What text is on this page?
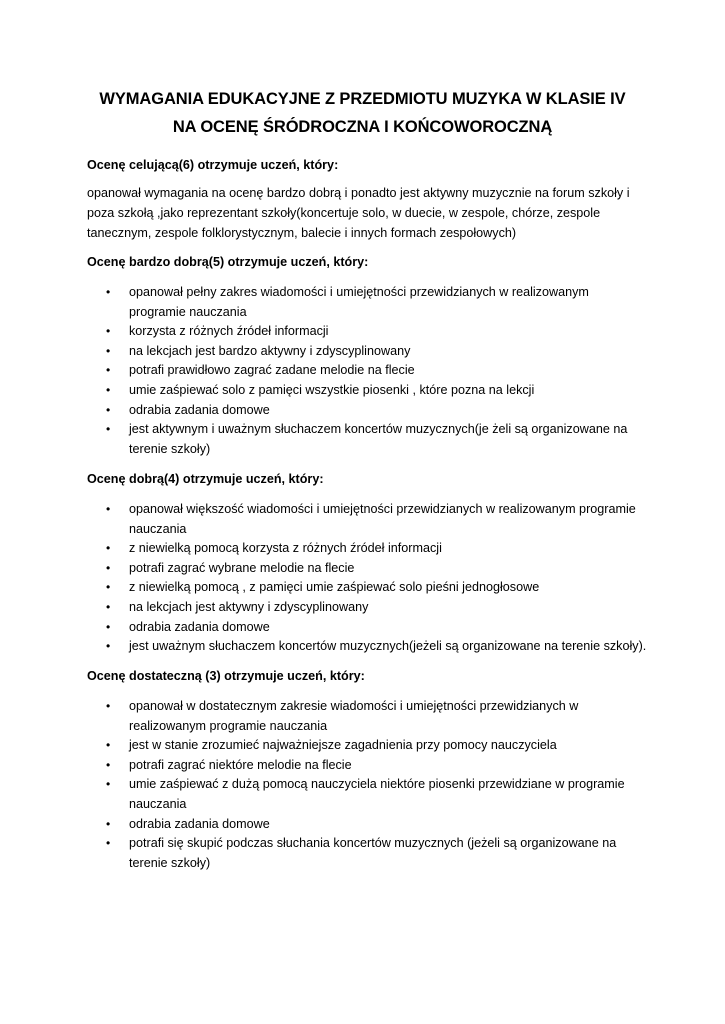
WYMAGANIA EDUKACYJNE Z PRZEDMIOTU MUZYKA W KLASIE IV
NA OCENĘ ŚRÓDROCZNA I KOŃCOWOROCZNĄ
Ocenę celującą(6) otrzymuje uczeń, który:
opanował wymagania na ocenę bardzo dobrą i ponadto jest aktywny muzycznie na forum szkoły i
poza szkołą ,jako reprezentant szkoły(koncertuje solo, w duecie, w zespole, chórze, zespole
tanecznym, zespole folklorystycznym, balecie i innych formach zespołowych)
Ocenę bardzo dobrą(5) otrzymuje uczeń, który:
• opanował pełny zakres wiadomości i umiejętności przewidzianych w realizowanym
programie nauczania
• korzysta z różnych źródeł informacji
• na lekcjach jest bardzo aktywny i zdyscyplinowany
• potrafi prawidłowo zagrać zadane melodie na flecie
• umie zaśpiewać solo z pamięci wszystkie piosenki , które pozna na lekcji
• odrabia zadania domowe
• jest aktywnym i uważnym słuchaczem koncertów muzycznych(je żeli są organizowane na
terenie szkoły)
Ocenę dobrą(4) otrzymuje uczeń, który:
• opanował większość wiadomości i umiejętności przewidzianych w realizowanym programie
nauczania
• z niewielką pomocą korzysta z różnych źródeł informacji
• potrafi zagrać wybrane melodie na flecie
• z niewielką pomocą , z pamięci umie zaśpiewać solo pieśni jednogłosowe
• na lekcjach jest aktywny i zdyscyplinowany
• odrabia zadania domowe
• jest uważnym słuchaczem koncertów muzycznych(jeżeli są organizowane na terenie szkoły).
Ocenę dostateczną (3) otrzymuje uczeń, który:
• opanował w dostatecznym zakresie wiadomości i umiejętności przewidzianych w
realizowanym programie nauczania
• jest w stanie zrozumieć najważniejsze zagadnienia przy pomocy nauczyciela
• potrafi zagrać niektóre melodie na flecie
• umie zaśpiewać z dużą pomocą nauczyciela niektóre piosenki przewidziane w programie
nauczania
• odrabia zadania domowe
• potrafi się skupić podczas słuchania koncertów muzycznych (jeżeli są organizowane na
terenie szkoły)
